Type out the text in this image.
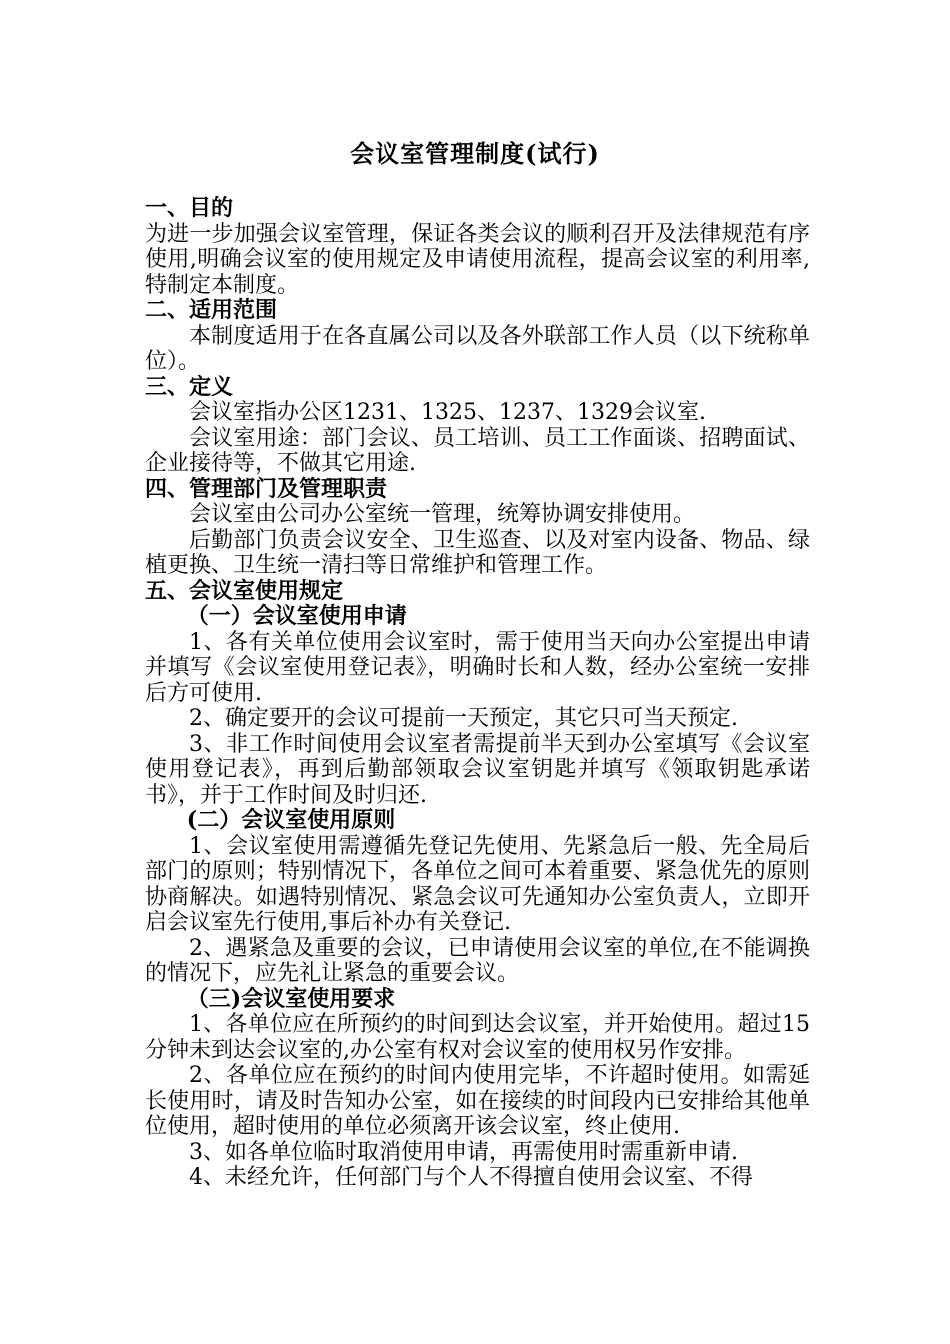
会议室管理制度(试行)

一、目的

为进一步加强会议室管理，保证各类会议的顺利召开及法律规范有序使用,明确会议室的使用规定及申请使用流程，提高会议室的利用率,特制定本制度。

二、适用范围

本制度适用于在各直属公司以及各外联部工作人员（以下统称单位）。

三、定义

会议室指办公区1231、1325、1237、1329会议室.

会议室用途：部门会议、员工培训、员工工作面谈、招聘面试、企业接待等，不做其它用途.

四、管理部门及管理职责

会议室由公司办公室统一管理，统筹协调安排使用。

后勤部门负责会议安全、卫生巡查、以及对室内设备、物品、绿植更换、卫生统一清扫等日常维护和管理工作。

五、会议室使用规定

（一）会议室使用申请

1、各有关单位使用会议室时，需于使用当天向办公室提出申请并填写《会议室使用登记表》，明确时长和人数，经办公室统一安排后方可使用.

2、确定要开的会议可提前一天预定，其它只可当天预定.

3、非工作时间使用会议室者需提前半天到办公室填写《会议室使用登记表》，再到后勤部领取会议室钥匙并填写《领取钥匙承诺书》，并于工作时间及时归还.

(二）会议室使用原则

1、会议室使用需遵循先登记先使用、先紧急后一般、先全局后部门的原则；特别情况下，各单位之间可本着重要、紧急优先的原则协商解决。如遇特别情况、紧急会议可先通知办公室负责人，立即开启会议室先行使用,事后补办有关登记.

2、遇紧急及重要的会议，已申请使用会议室的单位,在不能调换的情况下，应先礼让紧急的重要会议。

（三)会议室使用要求

1、各单位应在所预约的时间到达会议室，并开始使用。超过15分钟未到达会议室的,办公室有权对会议室的使用权另作安排。

2、各单位应在预约的时间内使用完毕，不许超时使用。如需延长使用时，请及时告知办公室，如在接续的时间段内已安排给其他单位使用，超时使用的单位必须离开该会议室，终止使用.

3、如各单位临时取消使用申请，再需使用时需重新申请.

4、未经允许，任何部门与个人不得擅自使用会议室、不得
